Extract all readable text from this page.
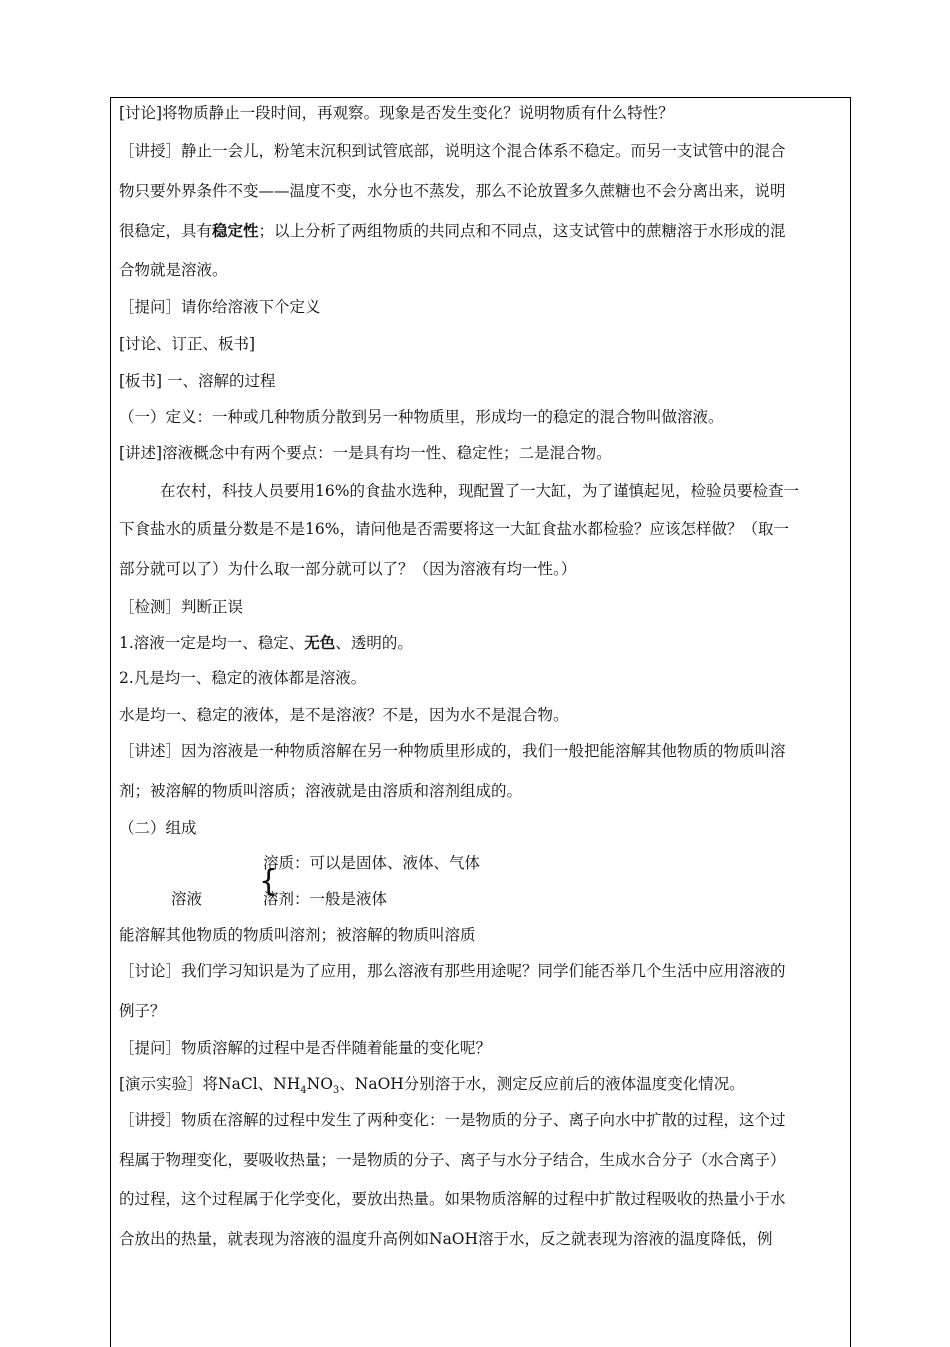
[讨论]将物质静止一段时间，再观察。现象是否发生变化？说明物质有什么特性？
［讲授］静止一会儿，粉笔末沉积到试管底部，说明这个混合体系不稳定。而另一支试管中的混合
物只要外界条件不变——温度不变，水分也不蒸发，那么不论放置多久蔗糖也不会分离出来，说明
很稳定，具有稳定性；以上分析了两组物质的共同点和不同点，这支试管中的蔗糖溶于水形成的混
合物就是溶液。
［提问］请你给溶液下个定义
[讨论、订正、板书]
[板书] 一、溶解的过程
（一）定义：一种或几种物质分散到另一种物质里，形成均一的稳定的混合物叫做溶液。
[讲述]溶液概念中有两个要点：一是具有均一性、稳定性；二是混合物。
在农村，科技人员要用16%的食盐水选种，现配置了一大缸，为了谨慎起见，检验员要检查一
下食盐水的质量分数是不是16%，请问他是否需要将这一大缸食盐水都检验？应该怎样做？（取一
部分就可以了）为什么取一部分就可以了？（因为溶液有均一性。）
［检测］判断正误
1.溶液一定是均一、稳定、无色、透明的。
2.凡是均一、稳定的液体都是溶液。
水是均一、稳定的液体，是不是溶液？不是，因为水不是混合物。
［讲述］因为溶液是一种物质溶解在另一种物质里形成的，我们一般把能溶解其他物质的物质叫溶
剂；被溶解的物质叫溶质；溶液就是由溶质和溶剂组成的。
（二）组成
溶质：可以是固体、液体、气体
{
溶液	溶剂：一般是液体
能溶解其他物质的物质叫溶剂；被溶解的物质叫溶质
［讨论］我们学习知识是为了应用，那么溶液有那些用途呢？同学们能否举几个生活中应用溶液的
例子？
［提问］物质溶解的过程中是否伴随着能量的变化呢？
[演示实验］将NaCl、$NH_4NO_3$、NaOH分别溶于水，测定反应前后的液体温度变化情况。
［讲授］物质在溶解的过程中发生了两种变化：一是物质的分子、离子向水中扩散的过程，这个过
程属于物理变化，要吸收热量；一是物质的分子、离子与水分子结合，生成水合分子（水合离子）
的过程，这个过程属于化学变化，要放出热量。如果物质溶解的过程中扩散过程吸收的热量小于水
合放出的热量，就表现为溶液的温度升高例如NaOH溶于水，反之就表现为溶液的温度降低，例
